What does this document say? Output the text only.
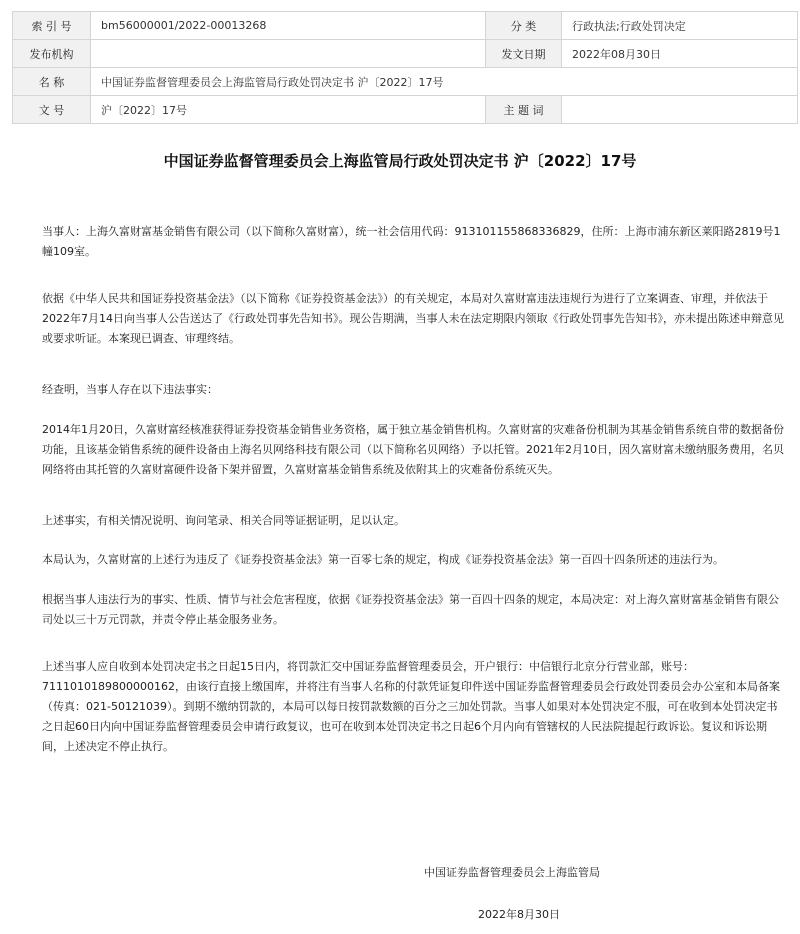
索 引 号	bm56000001/2022-00013268	分 类	行政执法;行政处罚决定
发布机构		发文日期	2022年08月30日
名 称	中国证券监督管理委员会上海监管局行政处罚决定书 沪〔2022〕17号		
文 号	沪〔2022〕17号	主 题 词	
中国证券监督管理委员会上海监管局行政处罚决定书 沪〔2022〕17号
当事人：上海久富财富基金销售有限公司（以下简称久富财富），统一社会信用代码：913101155868336829，住所：上海市浦东新区莱阳路2819号1幢109室。
依据《中华人民共和国证券投资基金法》（以下简称《证券投资基金法》）的有关规定，本局对久富财富违法违规行为进行了立案调查、审理，并依法于2022年7月14日向当事人公告送达了《行政处罚事先告知书》。现公告期满，当事人未在法定期限内领取《行政处罚事先告知书》，亦未提出陈述申辩意见或要求听证。本案现已调查、审理终结。
经查明，当事人存在以下违法事实：
2014年1月20日，久富财富经核准获得证券投资基金销售业务资格，属于独立基金销售机构。久富财富的灾难备份机制为其基金销售系统自带的数据备份功能，且该基金销售系统的硬件设备由上海名贝网络科技有限公司（以下简称名贝网络）予以托管。2021年2月10日，因久富财富未缴纳服务费用，名贝网络将由其托管的久富财富硬件设备下架并留置，久富财富基金销售系统及依附其上的灾难备份系统灭失。
上述事实，有相关情况说明、询问笔录、相关合同等证据证明，足以认定。
本局认为，久富财富的上述行为违反了《证券投资基金法》第一百零七条的规定，构成《证券投资基金法》第一百四十四条所述的违法行为。
根据当事人违法行为的事实、性质、情节与社会危害程度，依据《证券投资基金法》第一百四十四条的规定，本局决定：对上海久富财富基金销售有限公司处以三十万元罚款，并责令停止基金服务业务。
上述当事人应自收到本处罚决定书之日起15日内，将罚款汇交中国证券监督管理委员会，开户银行：中信银行北京分行营业部，账号：7111010189800000162，由该行直接上缴国库，并将注有当事人名称的付款凭证复印件送中国证券监督管理委员会行政处罚委员会办公室和本局备案（传真：021-50121039）。到期不缴纳罚款的，本局可以每日按罚款数额的百分之三加处罚款。当事人如果对本处罚决定不服，可在收到本处罚决定书之日起60日内向中国证券监督管理委员会申请行政复议，也可在收到本处罚决定书之日起6个月内向有管辖权的人民法院提起行政诉讼。复议和诉讼期间，上述决定不停止执行。
中国证券监督管理委员会上海监管局
2022年8月30日
